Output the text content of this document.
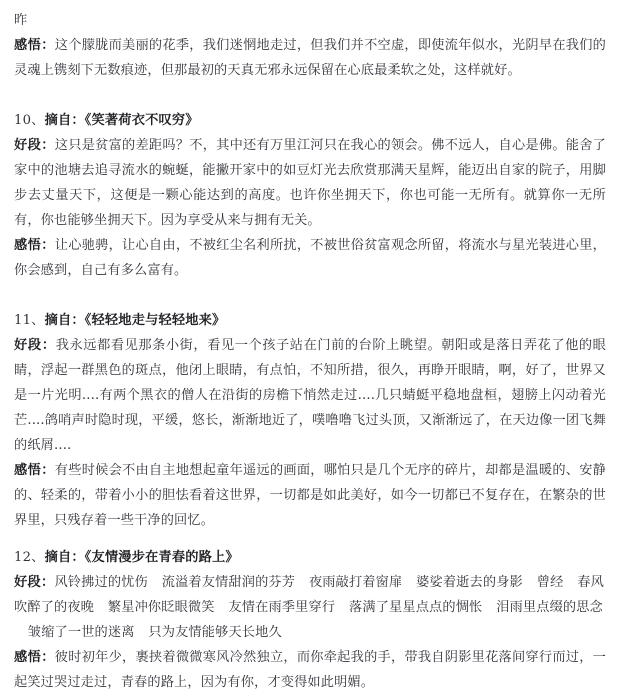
昨

感悟：这个朦胧而美丽的花季，我们迷惘地走过，但我们并不空虚，即使流年似水，光阴早在我们的灵魂上镌刻下无数痕迹，但那最初的天真无邪永远保留在心底最柔软之处，这样就好。

10、摘自：《笑著荷衣不叹穷》

好段：这只是贫富的差距吗？不，其中还有万里江河只在我心的领会。佛不远人，自心是佛。能舍了家中的池塘去追寻流水的蜿蜒，能撇开家中的如豆灯光去欣赏那满天星辉，能迈出自家的院子，用脚步去丈量天下，这便是一颗心能达到的高度。也许你坐拥天下，你也可能一无所有。就算你一无所有，你也能够坐拥天下。因为享受从来与拥有无关。

感悟：让心驰骋，让心自由，不被红尘名利所扰，不被世俗贫富观念所留，将流水与星光装进心里，你会感到，自己有多么富有。

11、摘自：《轻轻地走与轻轻地来》

好段：我永远都看见那条小街，看见一个孩子站在门前的台阶上眺望。朝阳或是落日弄花了他的眼睛，浮起一群黑色的斑点，他闭上眼睛，有点怕，不知所措，很久，再睁开眼睛，啊，好了，世界又是一片光明....有两个黑衣的僧人在沿街的房檐下悄然走过....几只蜻蜓平稳地盘桓，翅膀上闪动着光芒....鸽哨声时隐时现，平缓，悠长，渐渐地近了，噗噜噜飞过头顶，又渐渐远了，在天边像一团飞舞的纸屑....

感悟：有些时候会不由自主地想起童年遥远的画面，哪怕只是几个无序的碎片，却都是温暖的、安静的、轻柔的，带着小小的胆怯看着这世界，一切都是如此美好，如今一切都已不复存在，在繁杂的世界里，只残存着一些干净的回忆。

12、摘自：《友情漫步在青春的路上》

好段：风铃拂过的忧伤 流溢着友情甜润的芬芳 夜雨敲打着窗扉 婆娑着逝去的身影 曾经 春风吹醉了的夜晚 繁星冲你眨眼微笑 友情在雨季里穿行 落满了星星点点的惆怅 泪雨里点缀的思念皱缩了一世的迷离 只为友情能够天长地久

感悟：彼时初年少，裹挟着微微寒风冷然独立，而你牵起我的手，带我自阴影里花落间穿行而过，一起笑过哭过走过，青春的路上，因为有你，才变得如此明媚。
